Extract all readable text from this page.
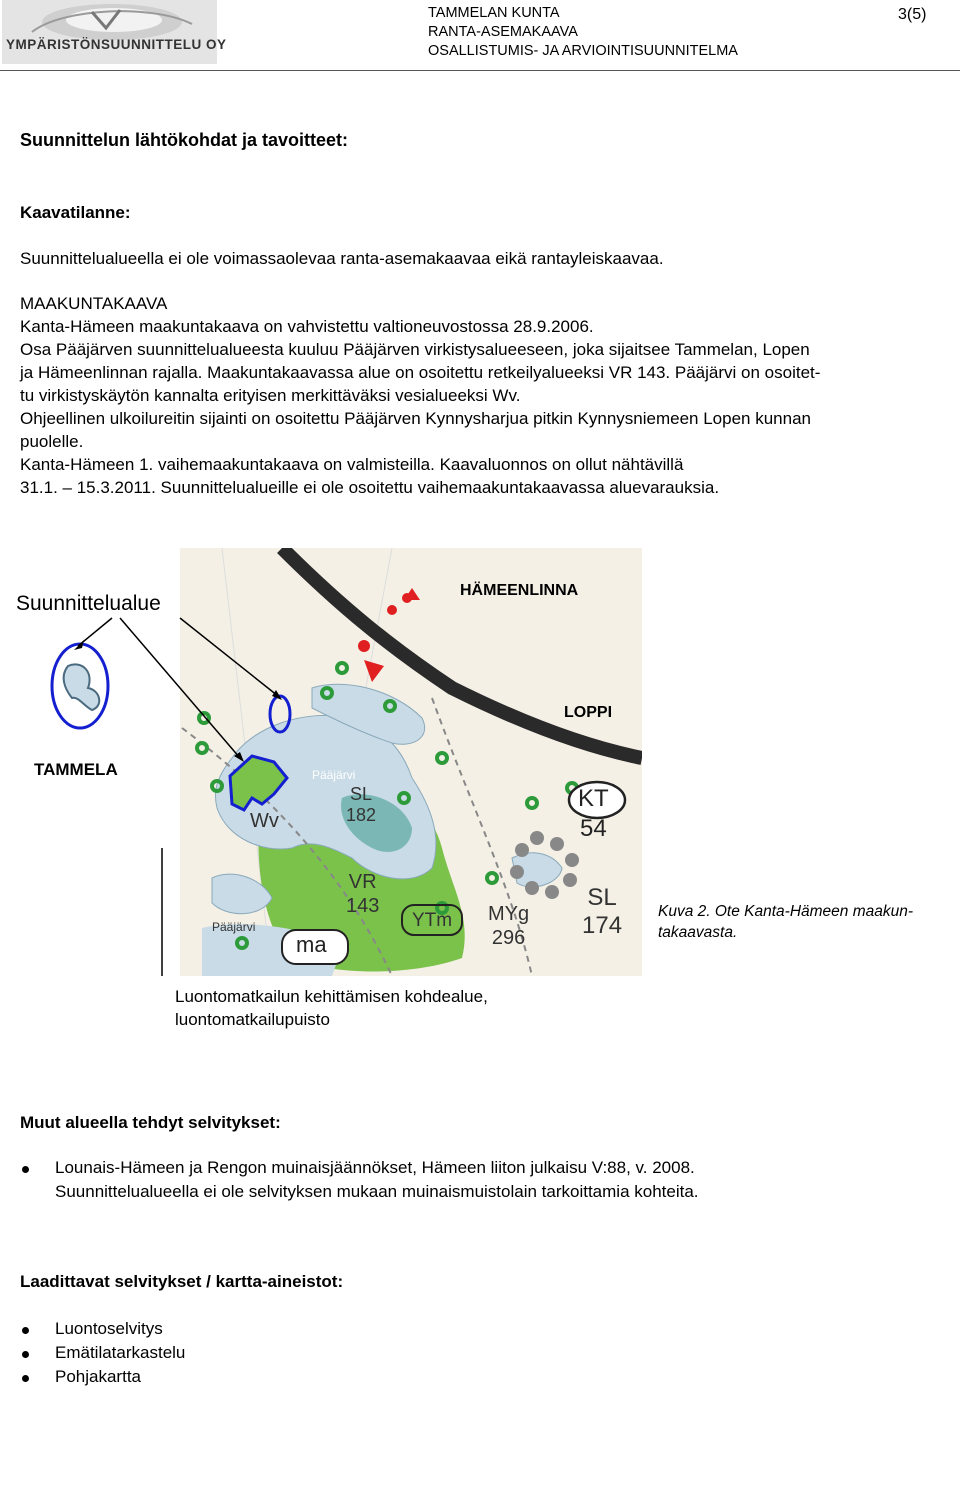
YMPÄRISTÖNSUUNNITTELU OY
TAMMELAN KUNTA
RANTA-ASEMAKAAVA
OSALLISTUMIS- JA ARVIOINTISUUNNITELMA
3(5)
Suunnittelun lähtökohdat ja tavoitteet:
Kaavatilanne:
Suunnittelualueella ei ole voimassaolevaa ranta-asemakaavaa eikä rantayleiskaavaa.
MAAKUNTAKAAVA
Kanta-Hämeen maakuntakaava on vahvistettu valtioneuvostossa 28.9.2006.
Osa Pääjärven suunnittelualueesta kuuluu Pääjärven virkistysalueeseen, joka sijaitsee Tammelan, Lopen
ja Hämeenlinnan rajalla. Maakuntakaavassa alue on osoitettu retkeilyalueeksi VR 143. Pääjärvi on osoitet-
tu virkistyskäytön kannalta erityisen merkittäväksi vesialueeksi Wv.
Ohjeellinen ulkoilureitin sijainti on osoitettu Pääjärven Kynnysharjua pitkin Kynnysniemeen Lopen kunnan
puolelle.
Kanta-Hämeen 1. vaihemaakuntakaava on valmisteilla. Kaavaluonnos on ollut nähtävillä
31.1. – 15.3.2011. Suunnittelualueille ei ole osoitettu vaihemaakuntakaavassa aluevarauksia.
Suunnittelualue
HÄMEENLINNA
LOPPI
TAMMELA
SL
182
Wv
VR
143
YTm MYg
296
KT
54
SL
174
ma
Pääjärvi
Pääjärvi
Kuva 2. Ote Kanta-Hämeen maakun-
takaavasta.
Luontomatkailun kehittämisen kohdealue,
luontomatkailupuisto
Muut alueella tehdyt selvitykset:
Lounais-Hämeen ja Rengon muinaisjäännökset, Hämeen liiton julkaisu V:88, v. 2008.
Suunnittelualueella ei ole selvityksen mukaan muinaismuistolain tarkoittamia kohteita.
Laadittavat selvitykset / kartta-aineistot:
Luontoselvitys
Emätilatarkastelu
Pohjakartta
